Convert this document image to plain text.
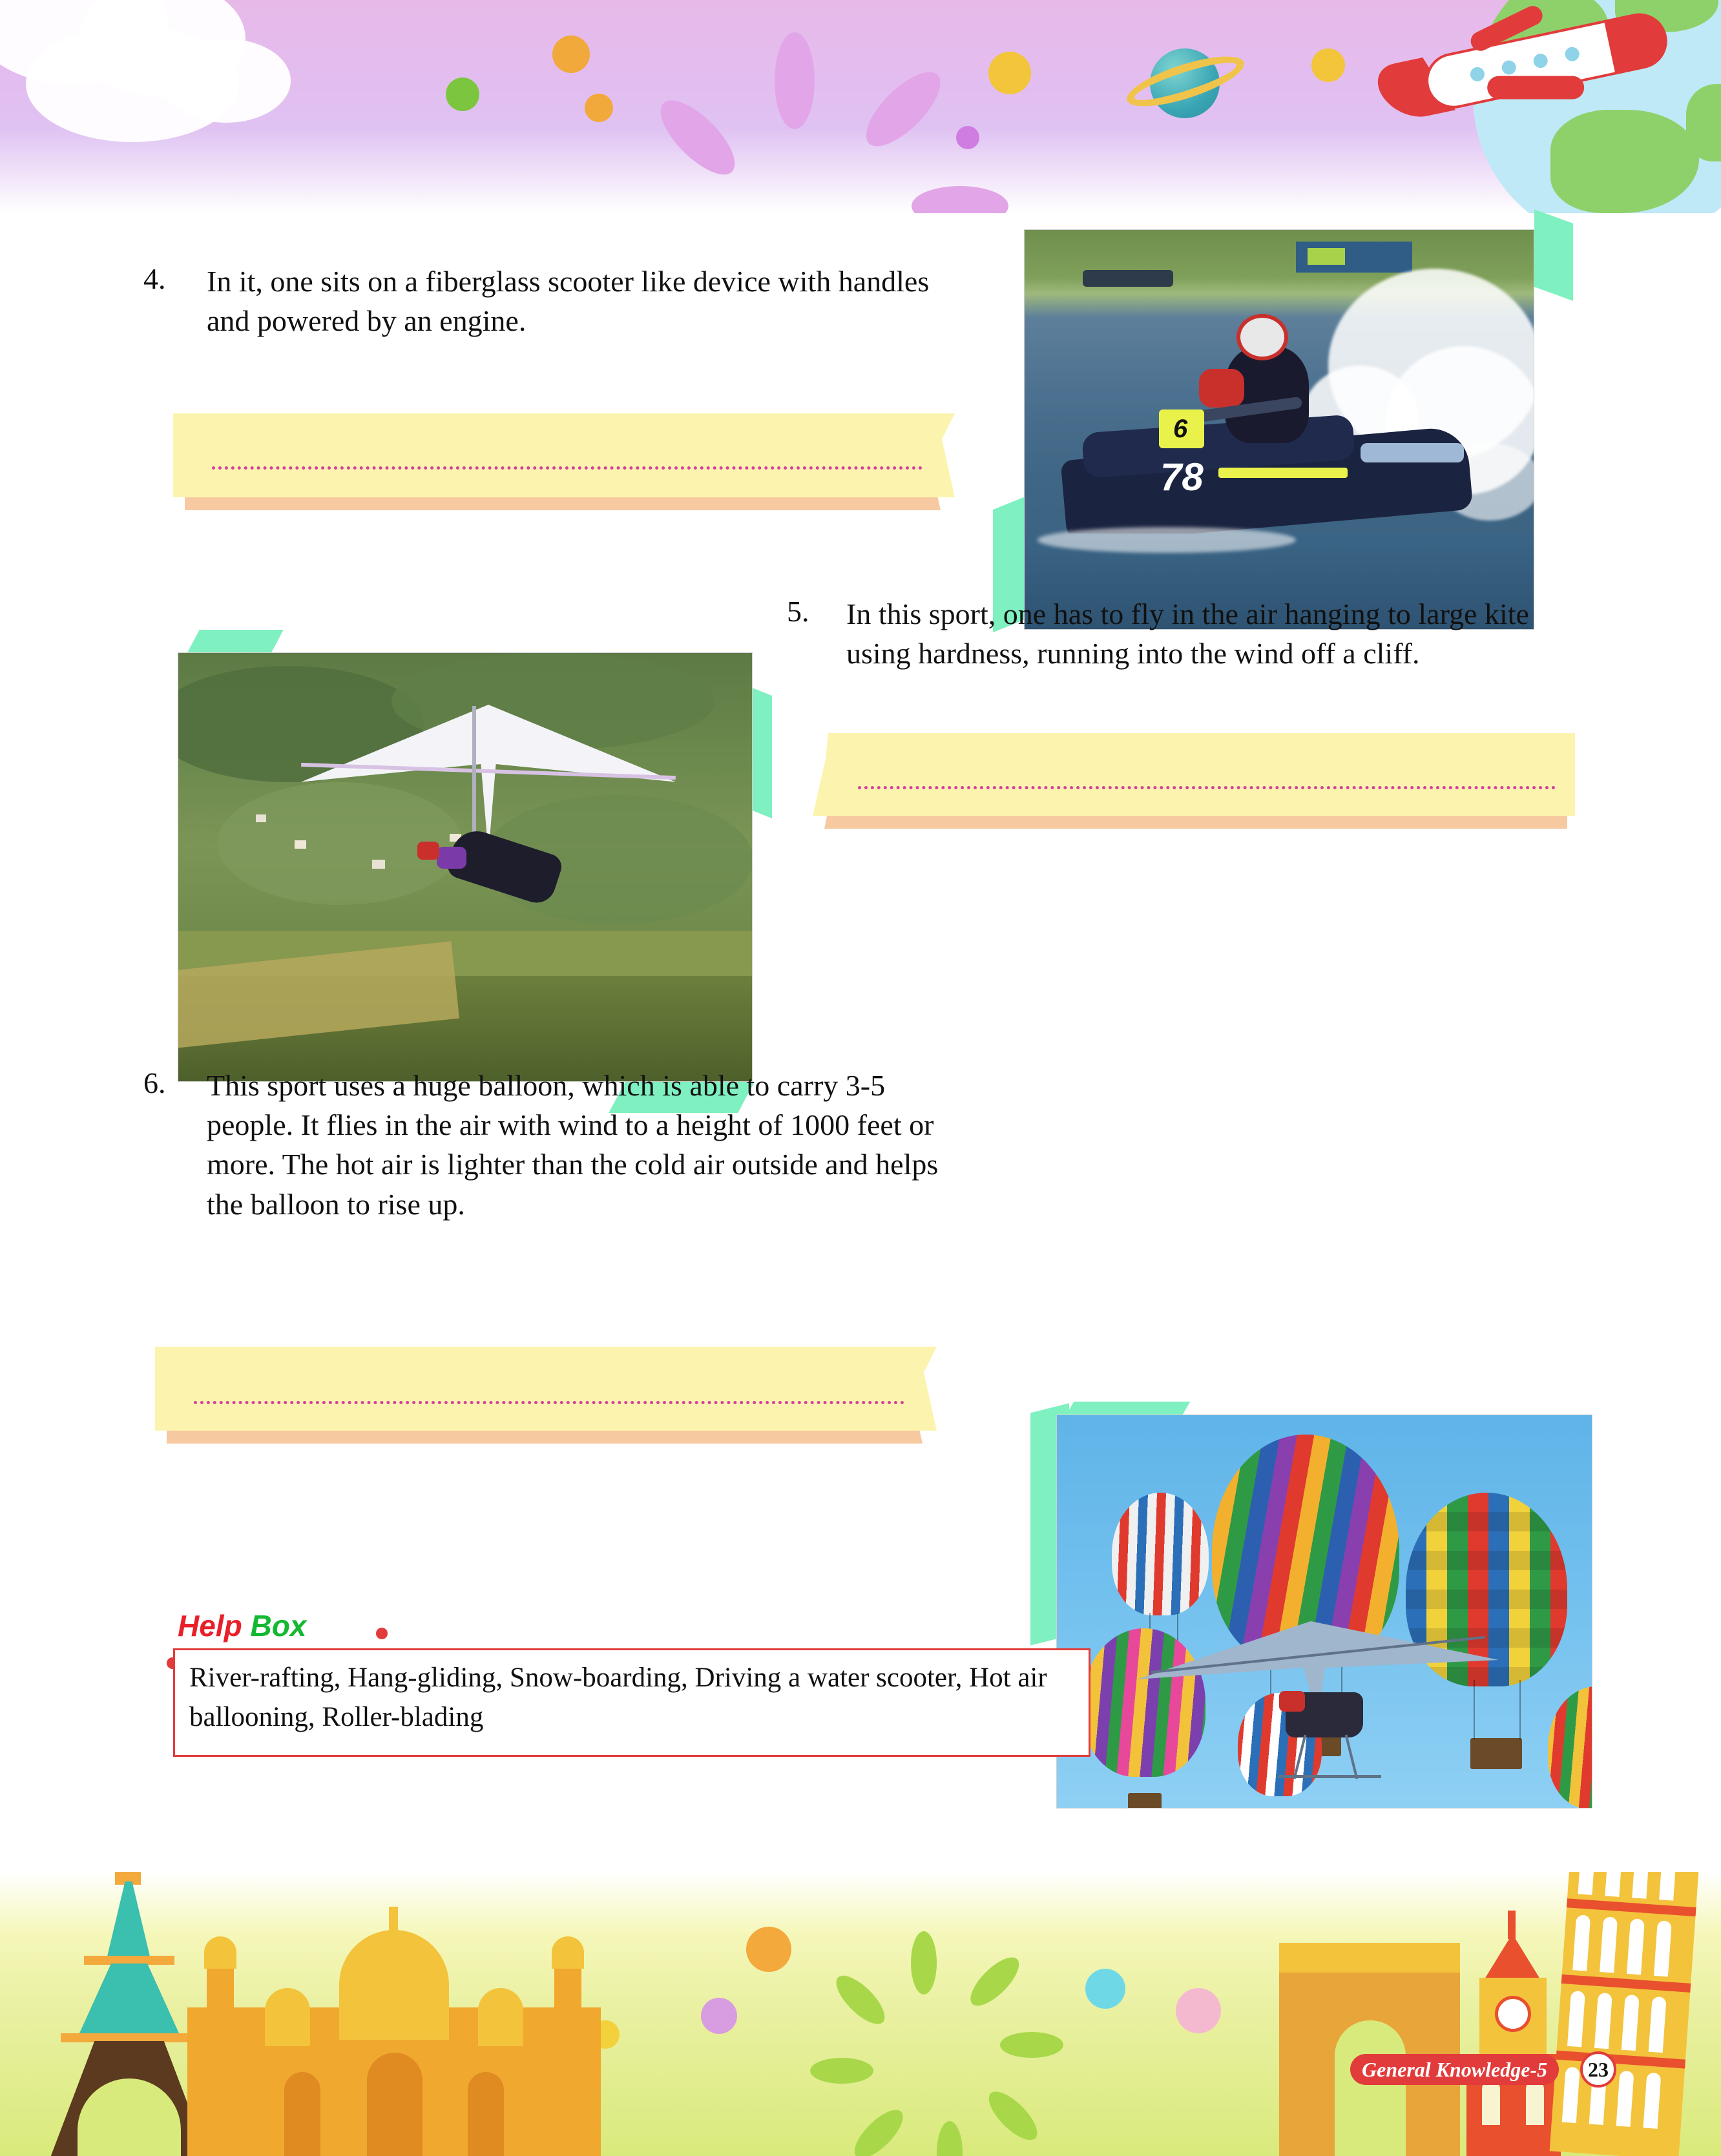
4. In it, one sits on a fiberglass scooter like device with handles and powered by an engine.
78
6
5. In this sport, one has to fly in the air hanging to large kite using hardness, running into the wind off a cliff.
6. This sport uses a huge balloon, which is able to carry 3-5 people. It flies in the air with wind to a height of 1000 feet or more. The hot air is lighter than the cold air outside and helps the balloon to rise up.
Help Box
River-rafting, Hang-gliding, Snow-boarding, Driving a water scooter, Hot air ballooning, Roller-blading
General Knowledge-5	23
